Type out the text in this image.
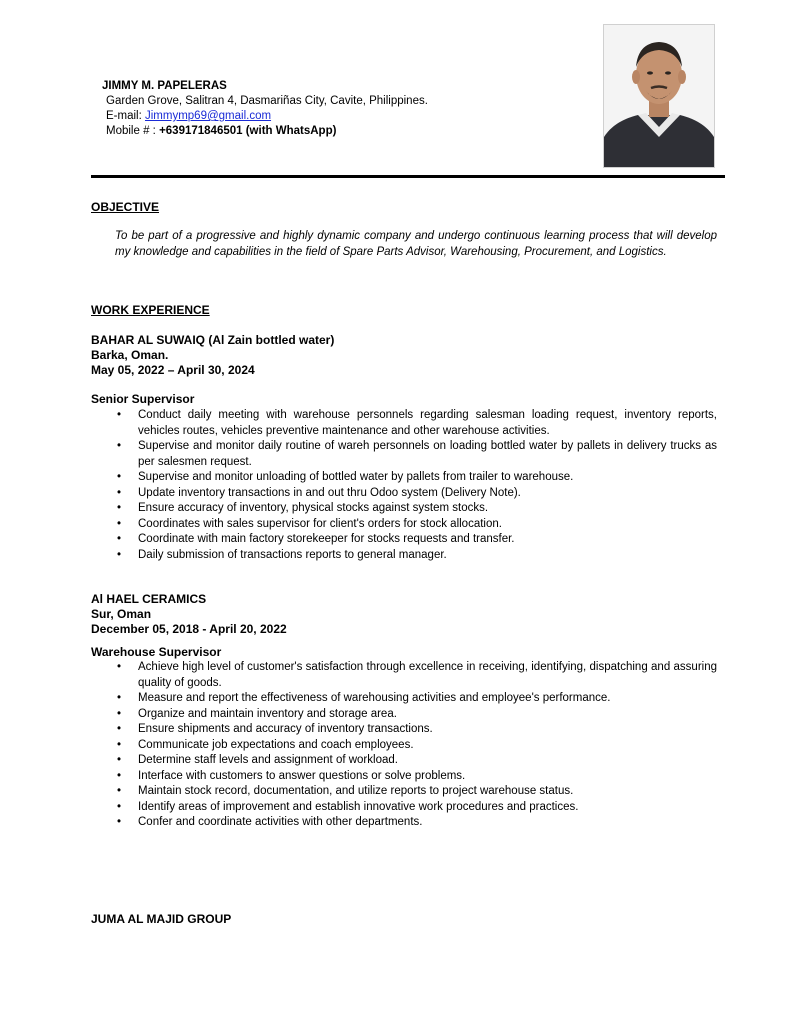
JIMMY M. PAPELERAS
Garden Grove, Salitran 4, Dasmariñas City, Cavite, Philippines.
E-mail: Jimmymp69@gmail.com
Mobile # : +639171846501 (with WhatsApp)
OBJECTIVE
To be part of a progressive and highly dynamic company and undergo continuous learning process that will develop my knowledge and capabilities in the field of Spare Parts Advisor, Warehousing, Procurement, and Logistics.
WORK EXPERIENCE
BAHAR AL SUWAIQ (Al Zain bottled water)
Barka, Oman.
May 05, 2022 – April 30, 2024
Senior Supervisor
• Conduct daily meeting with warehouse personnels regarding salesman loading request, inventory reports, vehicles routes, vehicles preventive maintenance and other warehouse activities.
• Supervise and monitor daily routine of wareh personnels on loading bottled water by pallets in delivery trucks as per salesmen request.
• Supervise and monitor unloading of bottled water by pallets from trailer to warehouse.
• Update inventory transactions in and out thru Odoo system (Delivery Note).
• Ensure accuracy of inventory, physical stocks against system stocks.
• Coordinates with sales supervisor for client's orders for stock allocation.
• Coordinate with main factory storekeeper for stocks requests and transfer.
• Daily submission of transactions reports to general manager.
Al HAEL CERAMICS
Sur, Oman
December 05, 2018 - April 20, 2022
Warehouse Supervisor
• Achieve high level of customer's satisfaction through excellence in receiving, identifying, dispatching and assuring quality of goods.
• Measure and report the effectiveness of warehousing activities and employee's performance.
• Organize and maintain inventory and storage area.
• Ensure shipments and accuracy of inventory transactions.
• Communicate job expectations and coach employees.
• Determine staff levels and assignment of workload.
• Interface with customers to answer questions or solve problems.
• Maintain stock record, documentation, and utilize reports to project warehouse status.
• Identify areas of improvement and establish innovative work procedures and practices.
• Confer and coordinate activities with other departments.
JUMA AL MAJID GROUP
